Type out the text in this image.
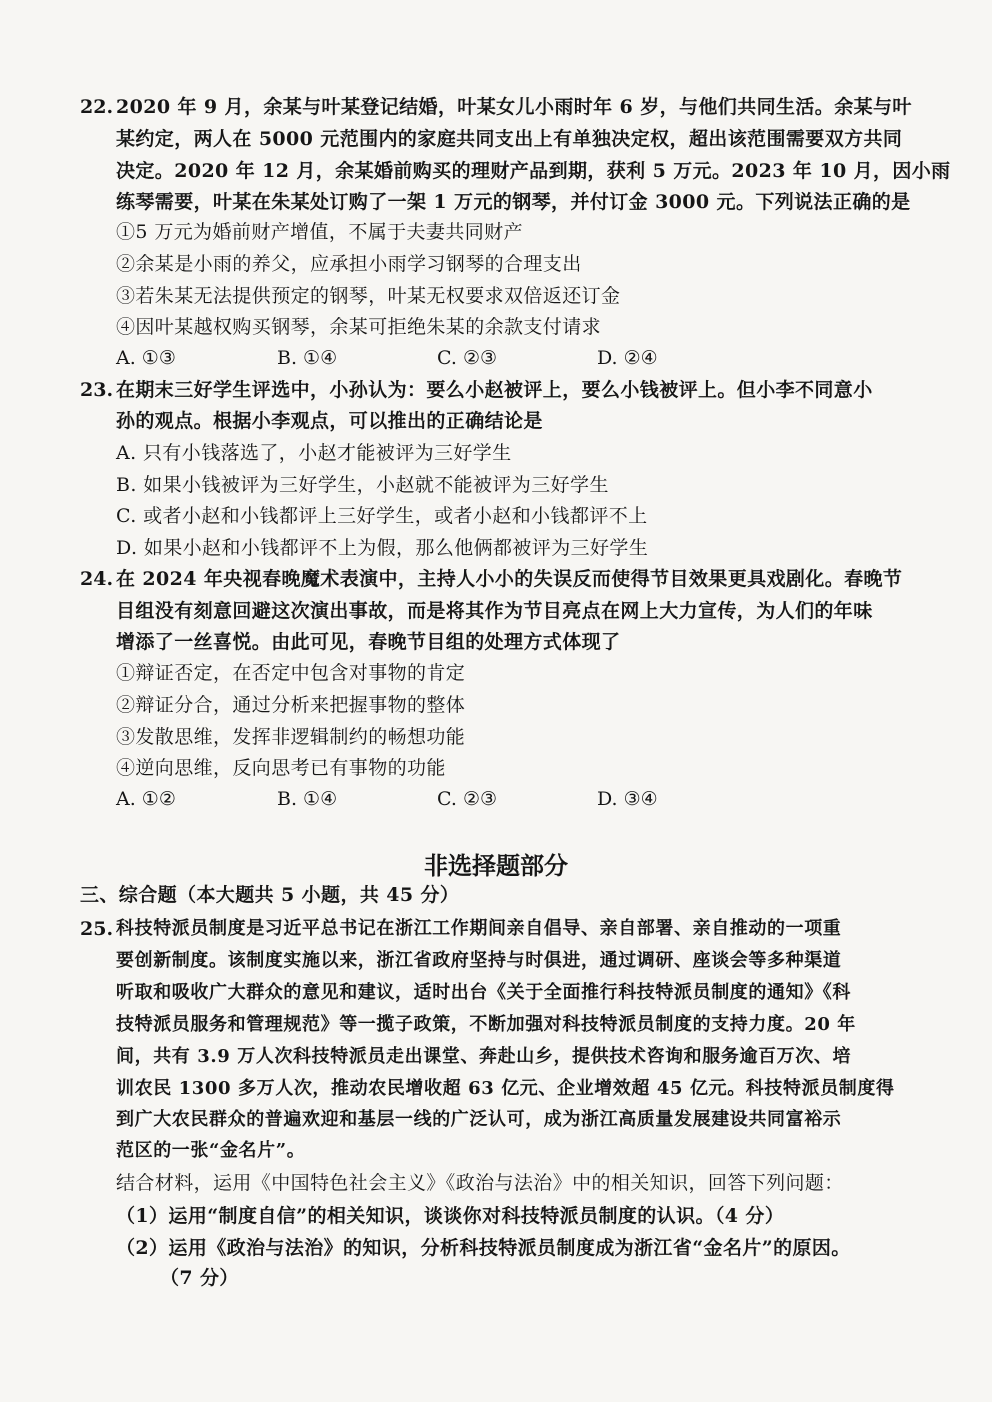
22. 2020 年 9 月，余某与叶某登记结婚，叶某女儿小雨时年 6 岁，与他们共同生活。余某与叶
某约定，两人在 5000 元范围内的家庭共同支出上有单独决定权，超出该范围需要双方共同
决定。2020 年 12 月，余某婚前购买的理财产品到期，获利 5 万元。2023 年 10 月，因小雨
练琴需要，叶某在朱某处订购了一架 1 万元的钢琴，并付订金 3000 元。下列说法正确的是
①5 万元为婚前财产增值，不属于夫妻共同财产
②余某是小雨的养父，应承担小雨学习钢琴的合理支出
③若朱某无法提供预定的钢琴，叶某无权要求双倍返还订金
④因叶某越权购买钢琴，余某可拒绝朱某的余款支付请求
A. ①③	B. ①④	C. ②③	D. ②④
23. 在期末三好学生评选中，小孙认为：要么小赵被评上，要么小钱被评上。但小李不同意小
孙的观点。根据小李观点，可以推出的正确结论是
A. 只有小钱落选了，小赵才能被评为三好学生
B. 如果小钱被评为三好学生，小赵就不能被评为三好学生
C. 或者小赵和小钱都评上三好学生，或者小赵和小钱都评不上
D. 如果小赵和小钱都评不上为假，那么他俩都被评为三好学生
24. 在 2024 年央视春晚魔术表演中，主持人小小的失误反而使得节目效果更具戏剧化。春晚节
目组没有刻意回避这次演出事故，而是将其作为节目亮点在网上大力宣传，为人们的年味
增添了一丝喜悦。由此可见，春晚节目组的处理方式体现了
①辩证否定，在否定中包含对事物的肯定
②辩证分合，通过分析来把握事物的整体
③发散思维，发挥非逻辑制约的畅想功能
④逆向思维，反向思考已有事物的功能
A. ①②	B. ①④	C. ②③	D. ③④
非选择题部分
三、综合题（本大题共 5 小题，共 45 分）
25. 科技特派员制度是习近平总书记在浙江工作期间亲自倡导、亲自部署、亲自推动的一项重
要创新制度。该制度实施以来，浙江省政府坚持与时俱进，通过调研、座谈会等多种渠道
听取和吸收广大群众的意见和建议，适时出台《关于全面推行科技特派员制度的通知》《科
技特派员服务和管理规范》等一揽子政策，不断加强对科技特派员制度的支持力度。20 年
间，共有 3.9 万人次科技特派员走出课堂、奔赴山乡，提供技术咨询和服务逾百万次、培
训农民 1300 多万人次，推动农民增收超 63 亿元、企业增效超 45 亿元。科技特派员制度得
到广大农民群众的普遍欢迎和基层一线的广泛认可，成为浙江高质量发展建设共同富裕示
范区的一张“金名片”。
结合材料，运用《中国特色社会主义》《政治与法治》中的相关知识，回答下列问题：
（1）运用“制度自信”的相关知识，谈谈你对科技特派员制度的认识。（4 分）
（2）运用《政治与法治》的知识，分析科技特派员制度成为浙江省“金名片”的原因。
（7 分）
